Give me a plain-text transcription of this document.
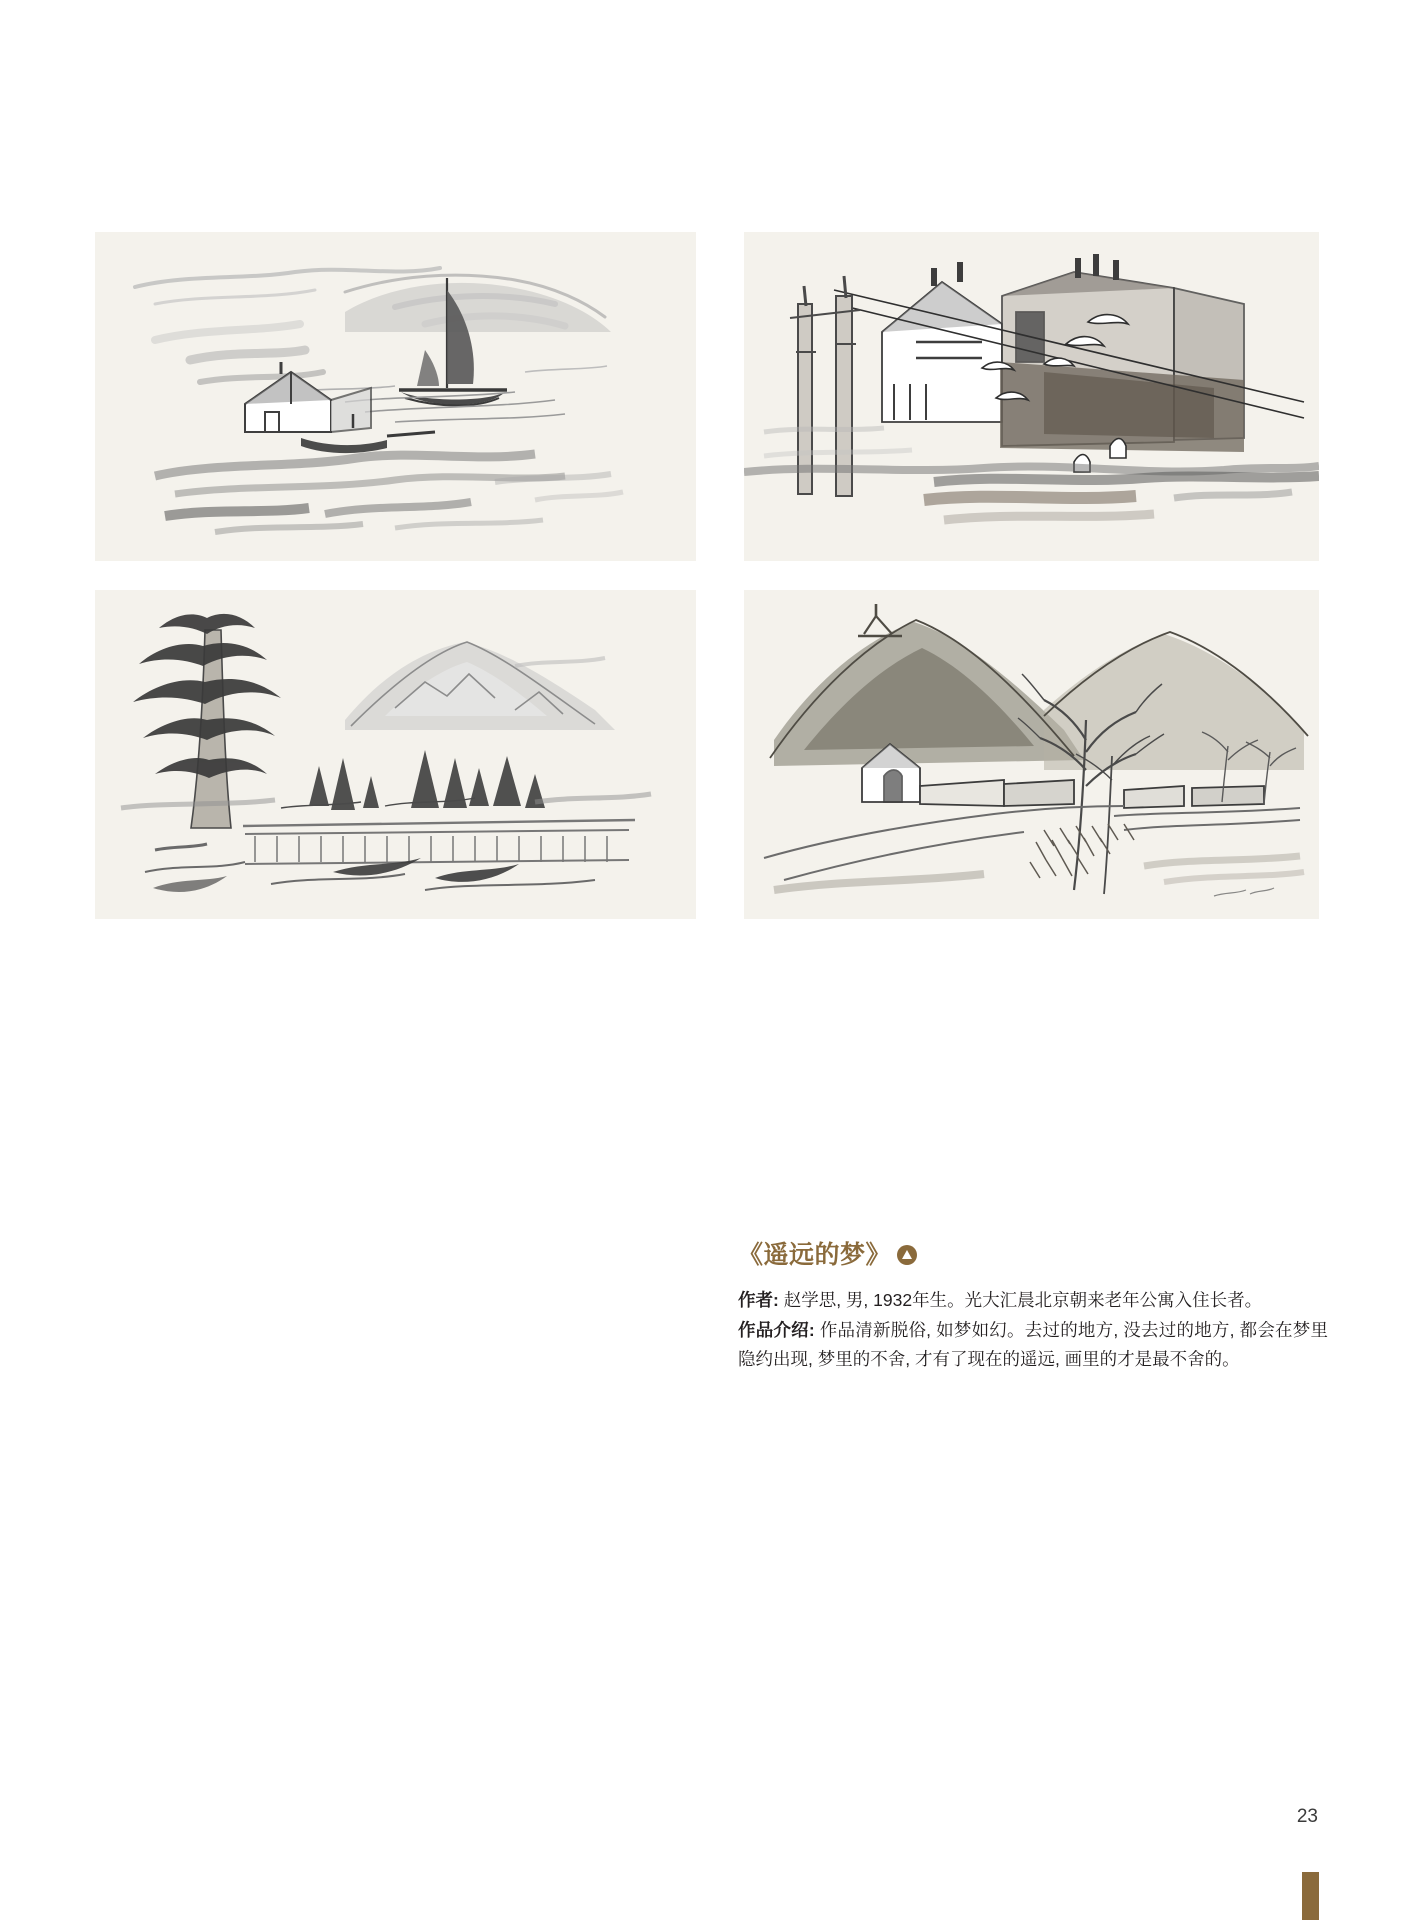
《遥远的梦》

作者: 赵学思, 男, 1932年生。光大汇晨北京朝来老年公寓入住长者。

作品介绍: 作品清新脱俗, 如梦如幻。去过的地方, 没去过的地方, 都会在梦里隐约出现, 梦里的不舍, 才有了现在的遥远, 画里的才是最不舍的。

23
